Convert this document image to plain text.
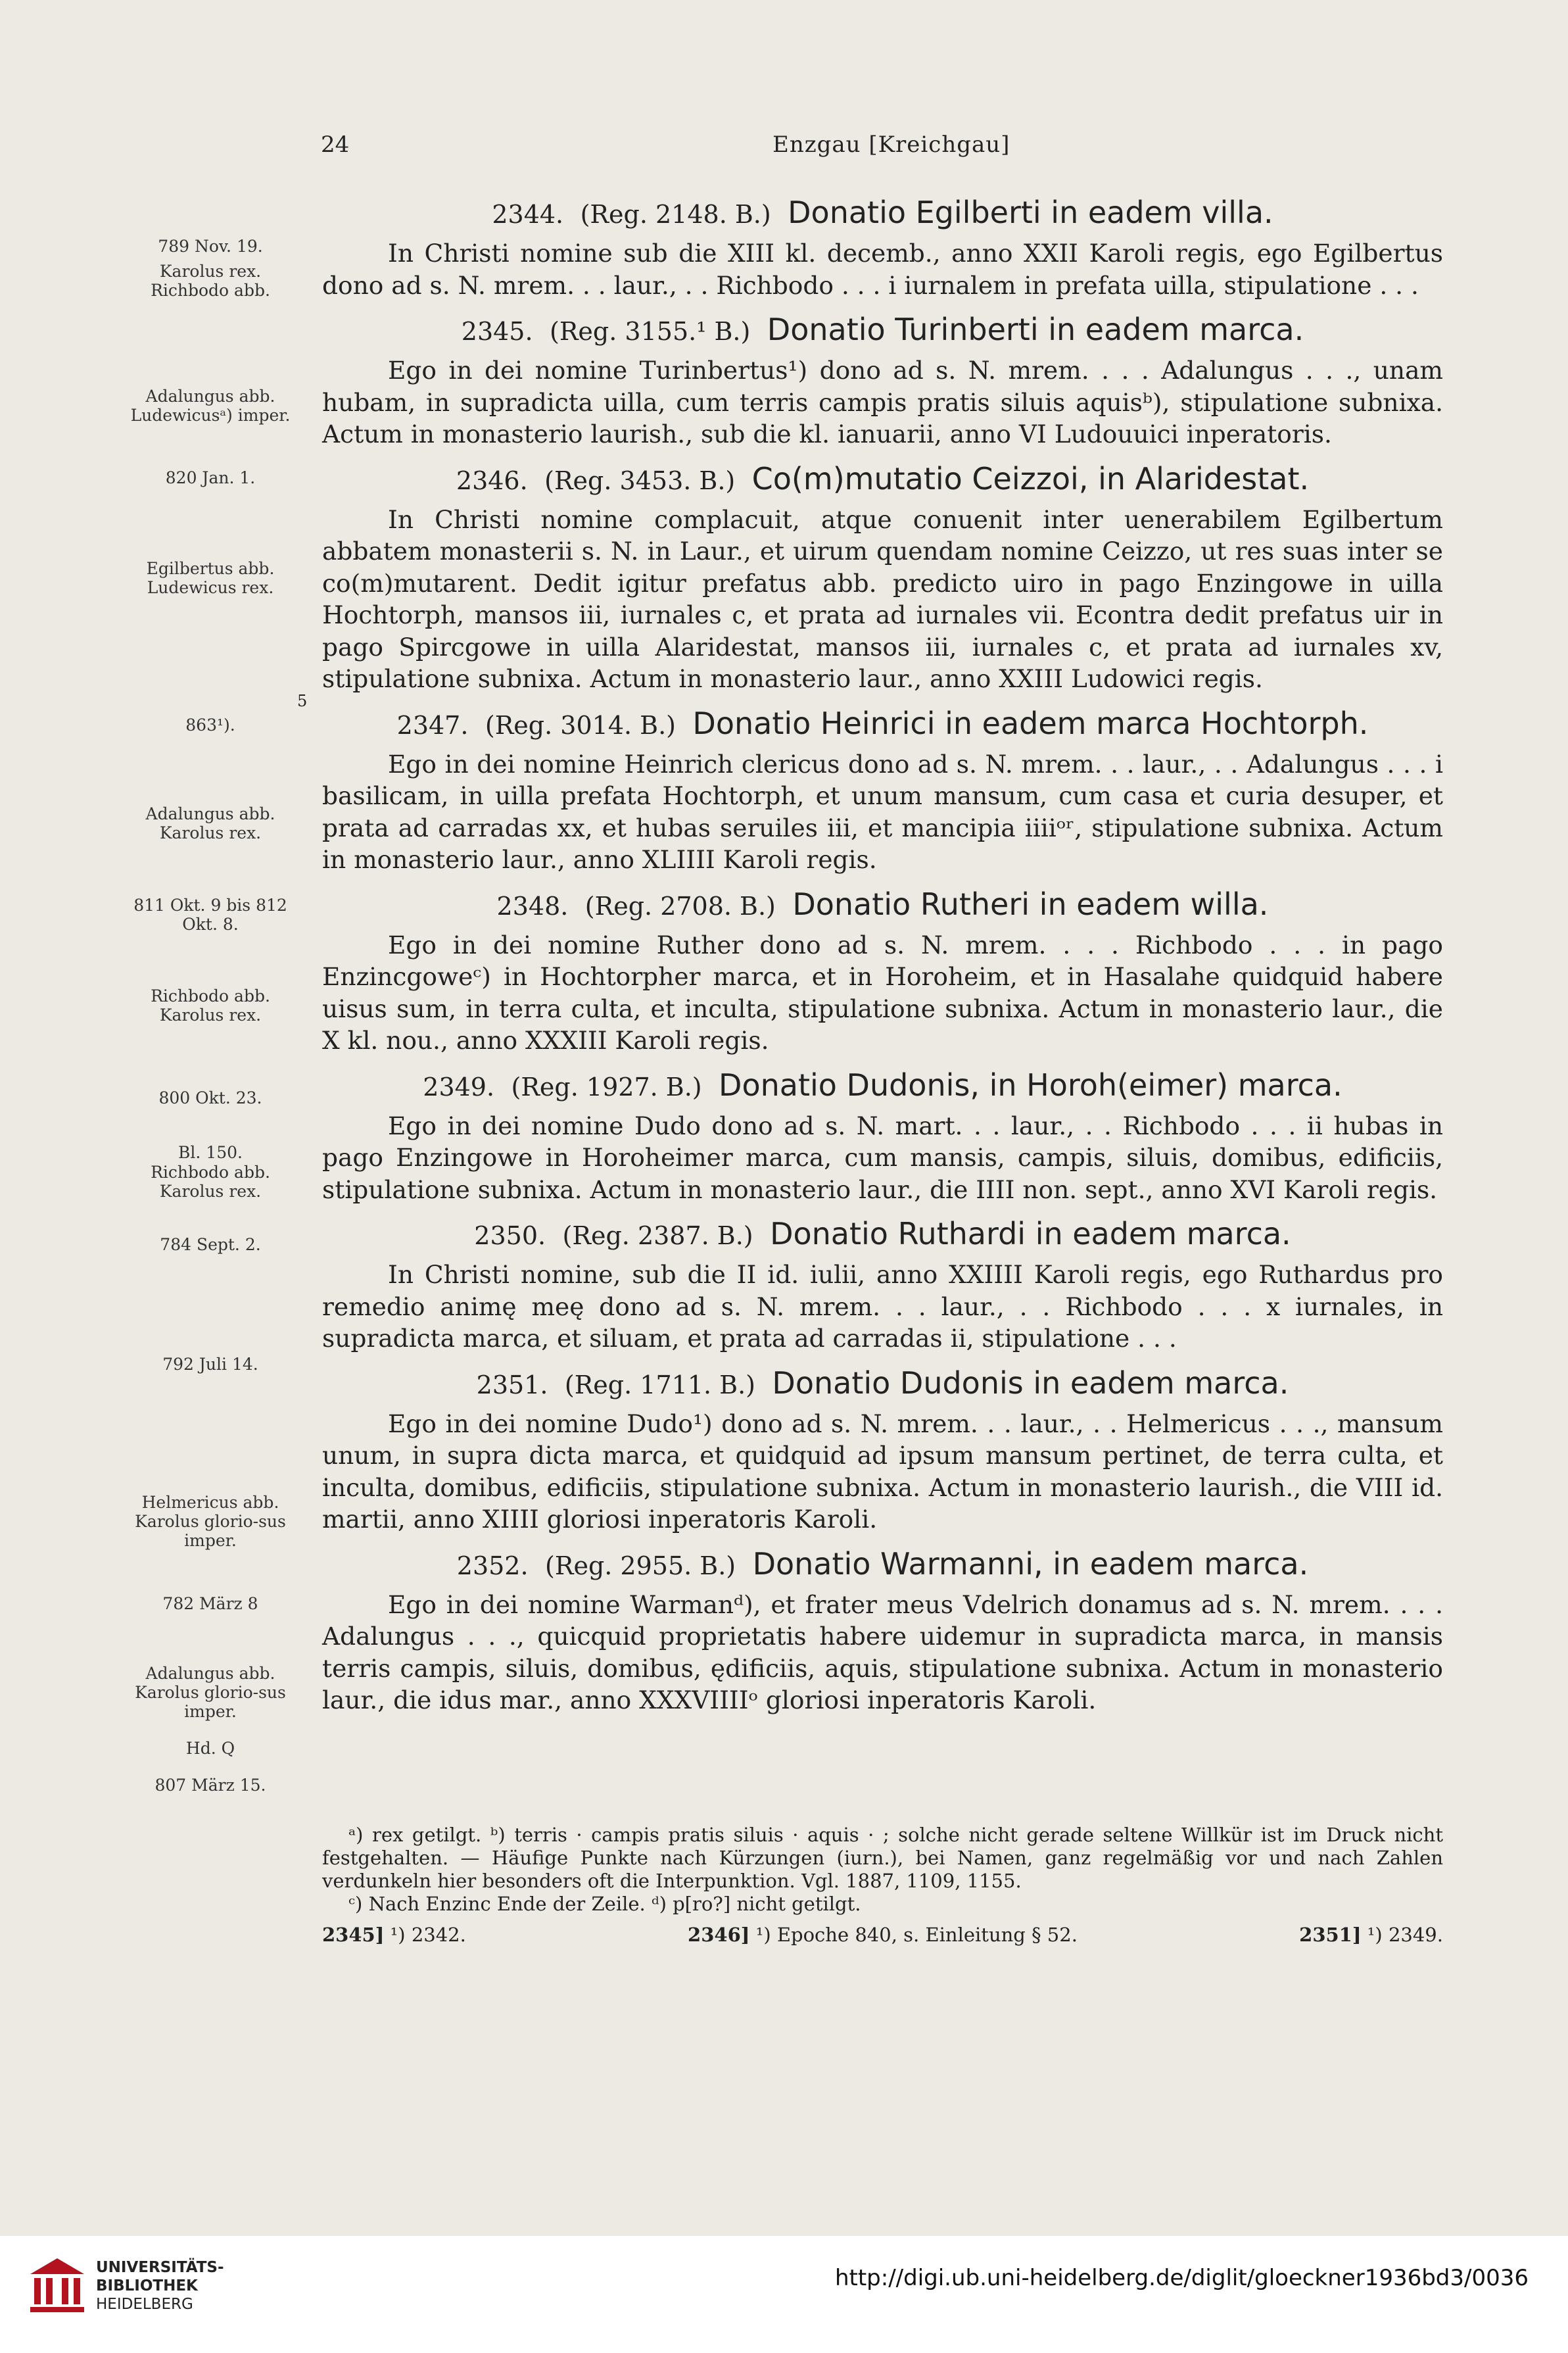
24	Enzgau [Kreichgau]
2344. (Reg. 2148. B.) Donatio Egilberti in eadem villa.

In Christi nomine sub die XIII kl. decemb., anno XXII Karoli regis, ego Egilbertus dono ad s. N. mrem. . . laur., . . Richbodo . . . i iurnalem in prefata uilla, stipulatione . . .

2345. (Reg. 3155.¹ B.) Donatio Turinberti in eadem marca.

Ego in dei nomine Turinbertus¹) dono ad s. N. mrem. . . . Adalungus . . ., unam hubam, in supradicta uilla, cum terris campis pratis siluis aquisᵇ), stipulatione subnixa. Actum in monasterio laurish., sub die kl. ianuarii, anno VI Ludouuici inperatoris.

2346. (Reg. 3453. B.) Co(m)mutatio Ceizzoi, in Alaridestat.

In Christi nomine complacuit, atque conuenit inter uenerabilem Egilbertum abbatem monasterii s. N. in Laur., et uirum quendam nomine Ceizzo, ut res suas inter se co(m)mutarent. Dedit igitur prefatus abb. predicto uiro in pago Enzingowe in uilla Hochtorph, mansos iii, iurnales c, et prata ad iurnales vii. Econtra dedit prefatus uir in pago Spircgowe in uilla Alaridestat, mansos iii, iurnales c, et prata ad iurnales xv, stipulatione subnixa. Actum in monasterio laur., anno XXIII Ludowici regis.

2347. (Reg. 3014. B.) Donatio Heinrici in eadem marca Hochtorph.

Ego in dei nomine Heinrich clericus dono ad s. N. mrem. . . laur., . . Adalungus . . . i basilicam, in uilla prefata Hochtorph, et unum mansum, cum casa et curia desuper, et prata ad carradas xx, et hubas seruiles iii, et mancipia iiiiᵒʳ, stipulatione subnixa. Actum in monasterio laur., anno XLIIII Karoli regis.

2348. (Reg. 2708. B.) Donatio Rutheri in eadem willa.

Ego in dei nomine Ruther dono ad s. N. mrem. . . . Richbodo . . . in pago Enzincgoweᶜ) in Hochtorpher marca, et in Horoheim, et in Hasalahe quidquid habere uisus sum, in terra culta, et inculta, stipulatione subnixa. Actum in monasterio laur., die X kl. nou., anno XXXIII Karoli regis.

2349. (Reg. 1927. B.) Donatio Dudonis, in Horoh(eimer) marca.

Ego in dei nomine Dudo dono ad s. N. mart. . . laur., . . Richbodo . . . ii hubas in pago Enzingowe in Horoheimer marca, cum mansis, campis, siluis, domibus, edificiis, stipulatione subnixa. Actum in monasterio laur., die IIII non. sept., anno XVI Karoli regis.

2350. (Reg. 2387. B.) Donatio Ruthardi in eadem marca.

In Christi nomine, sub die II id. iulii, anno XXIIII Karoli regis, ego Ruthardus pro remedio animę meę dono ad s. N. mrem. . . laur., . . Richbodo . . . x iurnales, in supradicta marca, et siluam, et prata ad carradas ii, stipulatione . . .

2351. (Reg. 1711. B.) Donatio Dudonis in eadem marca.

Ego in dei nomine Dudo¹) dono ad s. N. mrem. . . laur., . . Helmericus . . ., mansum unum, in supra dicta marca, et quidquid ad ipsum mansum pertinet, de terra culta, et inculta, domibus, edificiis, stipulatione subnixa. Actum in monasterio laurish., die VIII id. martii, anno XIIII gloriosi inperatoris Karoli.

2352. (Reg. 2955. B.) Donatio Warmanni, in eadem marca.

Ego in dei nomine Warmanᵈ), et frater meus Vdelrich donamus ad s. N. mrem. . . . Adalungus . . ., quicquid proprietatis habere uidemur in supradicta marca, in mansis terris campis, siluis, domibus, ędificiis, aquis, stipulatione subnixa. Actum in monasterio laur., die idus mar., anno XXXVIIIIᵒ gloriosi inperatoris Karoli.

789 Nov. 19.
Karolus rex. Richbodo abb.
Adalungus abb. Ludewicusᵃ) imper.
820 Jan. 1.
Egilbertus abb. Ludewicus rex.
863¹).
Adalungus abb. Karolus rex.
811 Okt. 9 bis 812 Okt. 8.
Richbodo abb. Karolus rex.
800 Okt. 23.
Bl. 150.
Richbodo abb. Karolus rex.
784 Sept. 2.
792 Juli 14.
Helmericus abb. Karolus glorio-sus imper.
782 März 8
Adalungus abb. Karolus glorio-sus imper.
Hd. Q
807 März 15.
5

ᵃ) rex getilgt. ᵇ) terris · campis pratis siluis · aquis · ; solche nicht gerade seltene Willkür ist im Druck nicht festgehalten. — Häufige Punkte nach Kürzungen (iurn.), bei Namen, ganz regelmäßig vor und nach Zahlen verdunkeln hier besonders oft die Interpunktion. Vgl. 1887, 1109, 1155.

ᶜ) Nach Enzinc Ende der Zeile. ᵈ) p[ro?] nicht getilgt.

2345] ¹) 2342.	2346] ¹) Epoche 840, s. Einleitung § 52.	2351] ¹) 2349.

UNIVERSITÄTS-
BIBLIOTHEK
HEIDELBERG
http://digi.ub.uni-heidelberg.de/diglit/gloeckner1936bd3/0036
